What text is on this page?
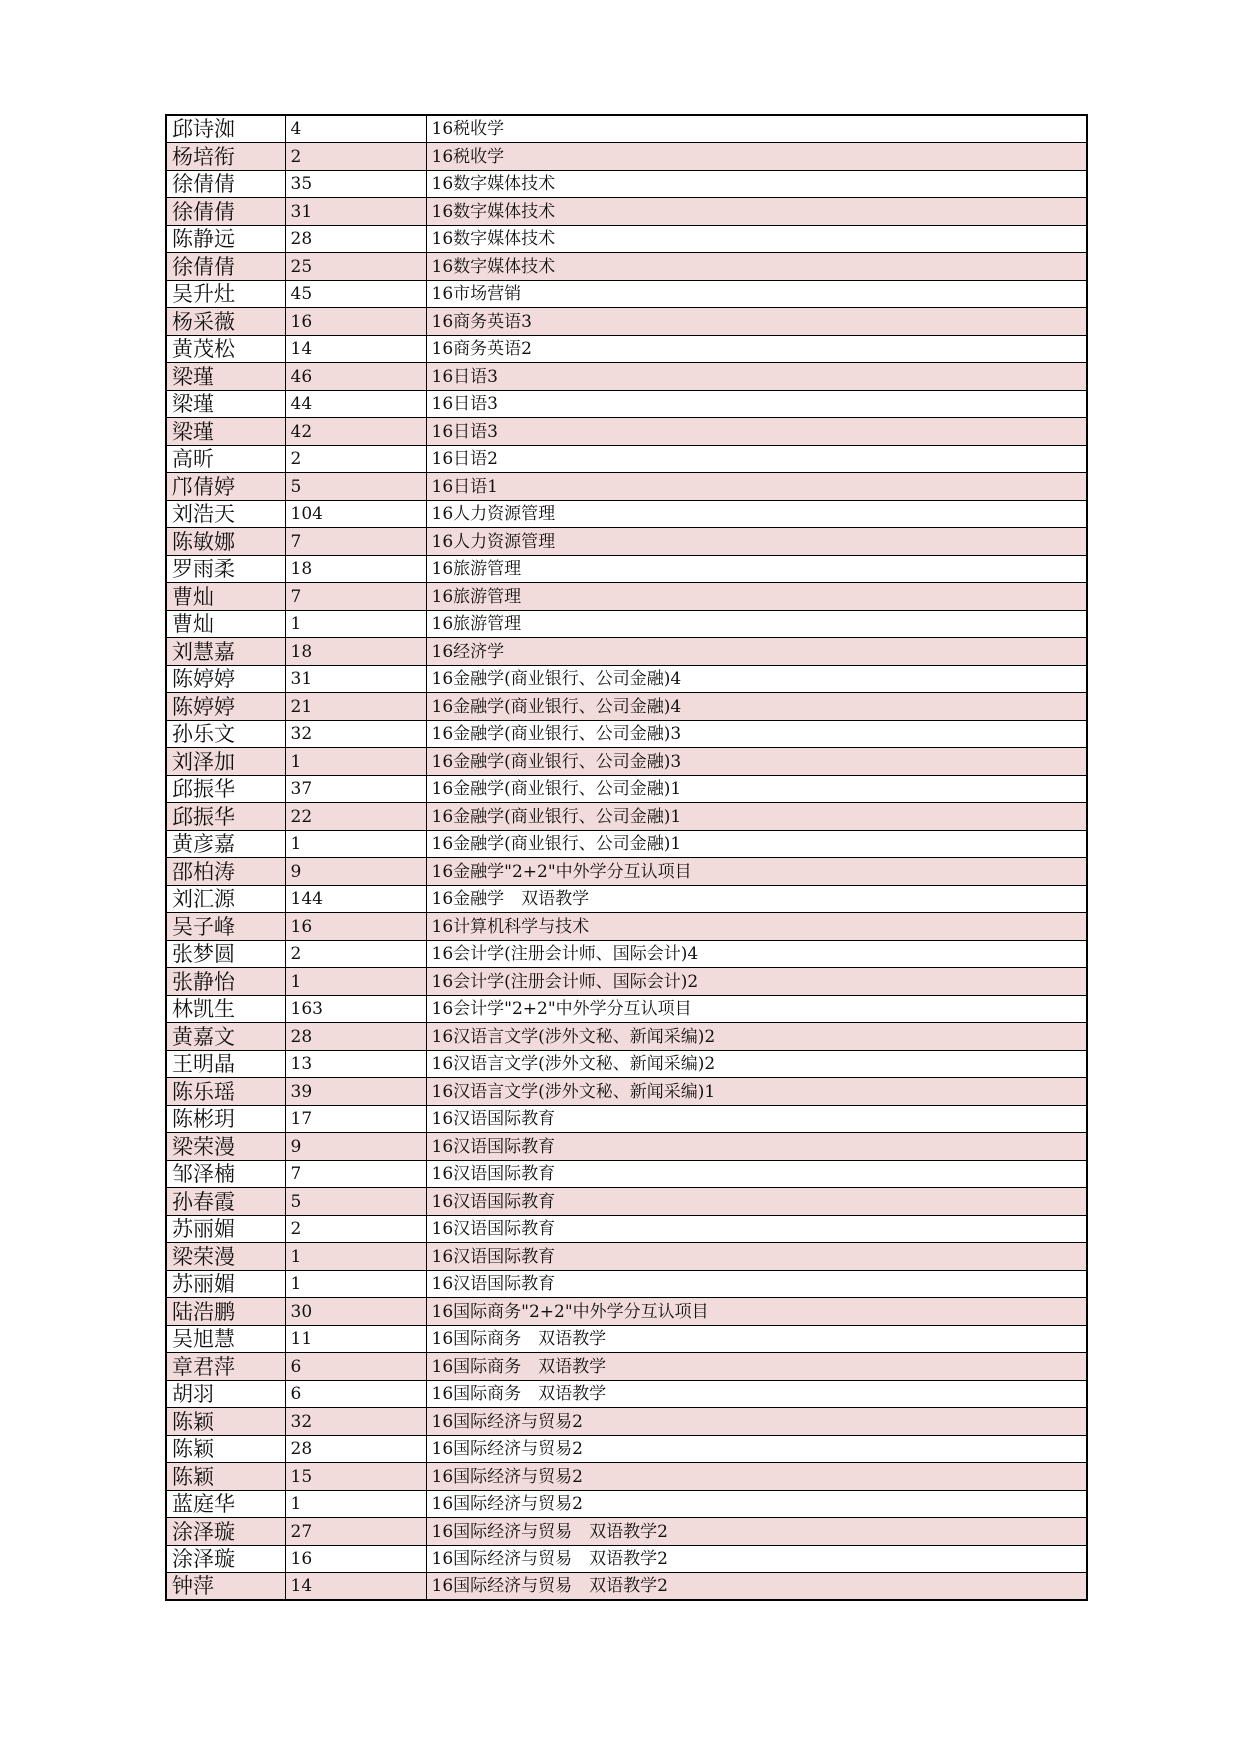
邱诗洳	4	16税收学
杨培衔	2	16税收学
徐倩倩	35	16数字媒体技术
徐倩倩	31	16数字媒体技术
陈静远	28	16数字媒体技术
徐倩倩	25	16数字媒体技术
吴升灶	45	16市场营销
杨采薇	16	16商务英语3
黄茂松	14	16商务英语2
梁瑾	46	16日语3
梁瑾	44	16日语3
梁瑾	42	16日语3
高昕	2	16日语2
邝倩婷	5	16日语1
刘浩天	104	16人力资源管理
陈敏娜	7	16人力资源管理
罗雨柔	18	16旅游管理
曹灿	7	16旅游管理
曹灿	1	16旅游管理
刘慧嘉	18	16经济学
陈婷婷	31	16金融学(商业银行、公司金融)4
陈婷婷	21	16金融学(商业银行、公司金融)4
孙乐文	32	16金融学(商业银行、公司金融)3
刘泽加	1	16金融学(商业银行、公司金融)3
邱振华	37	16金融学(商业银行、公司金融)1
邱振华	22	16金融学(商业银行、公司金融)1
黄彦嘉	1	16金融学(商业银行、公司金融)1
邵柏涛	9	16金融学"2+2"中外学分互认项目
刘汇源	144	16金融学　双语教学
吴子峰	16	16计算机科学与技术
张梦圆	2	16会计学(注册会计师、国际会计)4
张静怡	1	16会计学(注册会计师、国际会计)2
林凯生	163	16会计学"2+2"中外学分互认项目
黄嘉文	28	16汉语言文学(涉外文秘、新闻采编)2
王明晶	13	16汉语言文学(涉外文秘、新闻采编)2
陈乐瑶	39	16汉语言文学(涉外文秘、新闻采编)1
陈彬玥	17	16汉语国际教育
梁荣漫	9	16汉语国际教育
邹泽楠	7	16汉语国际教育
孙春霞	5	16汉语国际教育
苏丽媚	2	16汉语国际教育
梁荣漫	1	16汉语国际教育
苏丽媚	1	16汉语国际教育
陆浩鹏	30	16国际商务"2+2"中外学分互认项目
吴旭慧	11	16国际商务　双语教学
章君萍	6	16国际商务　双语教学
胡羽	6	16国际商务　双语教学
陈颖	32	16国际经济与贸易2
陈颖	28	16国际经济与贸易2
陈颖	15	16国际经济与贸易2
蓝庭华	1	16国际经济与贸易2
涂泽璇	27	16国际经济与贸易　双语教学2
涂泽璇	16	16国际经济与贸易　双语教学2
钟萍	14	16国际经济与贸易　双语教学2
